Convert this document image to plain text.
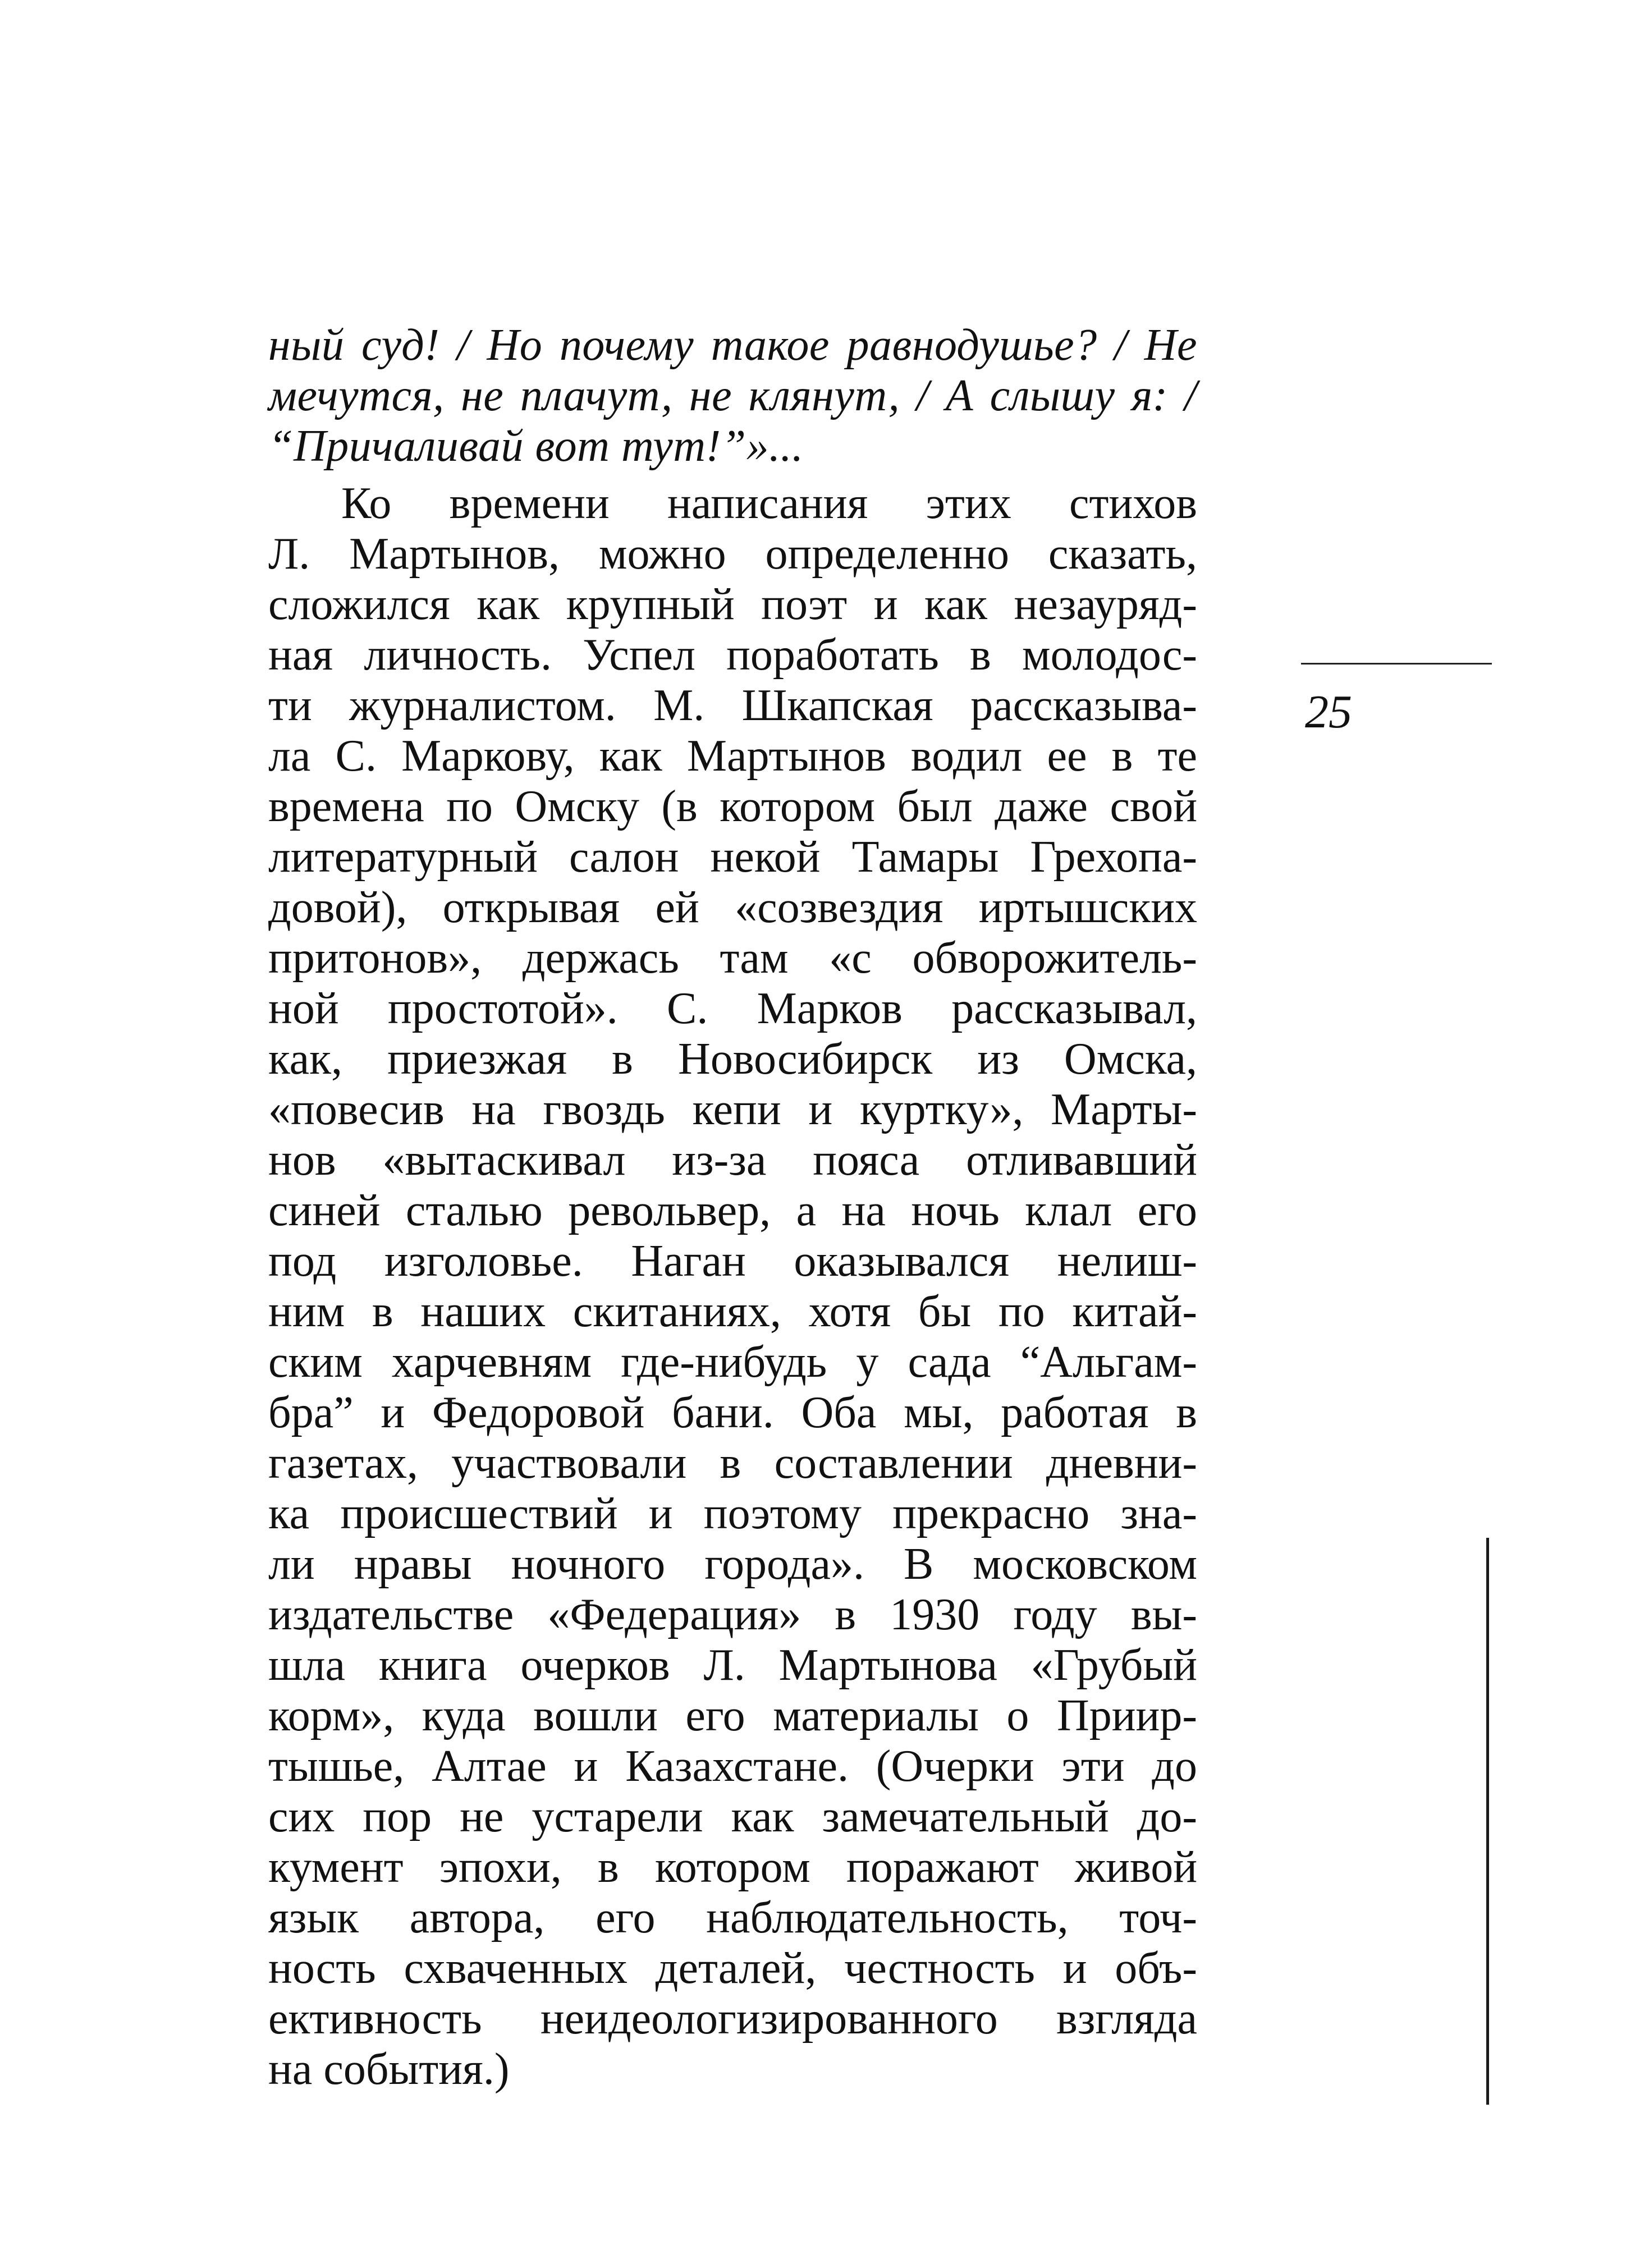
ный суд! / Но почему такое равнодушье? / Не
мечутся, не плачут, не клянут, / А слышу я: /
“Причаливай вот тут!”»...
Ко времени написания этих стихов
Л. Мартынов, можно определенно сказать,
сложился как крупный поэт и как незауряд-
ная личность. Успел поработать в молодос-
ти журналистом. М. Шкапская рассказыва-
ла С. Маркову, как Мартынов водил ее в те
времена по Омску (в котором был даже свой
литературный салон некой Тамары Грехопа-
довой), открывая ей «созвездия иртышских
притонов», держась там «с обворожитель-
ной простотой». С. Марков рассказывал,
как, приезжая в Новосибирск из Омска,
«повесив на гвоздь кепи и куртку», Марты-
нов «вытаскивал из-за пояса отливавший
синей сталью револьвер, а на ночь клал его
под изголовье. Наган оказывался нелиш-
ним в наших скитаниях, хотя бы по китай-
ским харчевням где-нибудь у сада “Альгам-
бра” и Федоровой бани. Оба мы, работая в
газетах, участвовали в составлении дневни-
ка происшествий и поэтому прекрасно зна-
ли нравы ночного города». В московском
издательстве «Федерация» в 1930 году вы-
шла книга очерков Л. Мартынова «Грубый
корм», куда вошли его материалы о Прииp-
тышье, Алтае и Казахстане. (Очерки эти до
сих пор не устарели как замечательный до-
кумент эпохи, в котором поражают живой
язык автора, его наблюдательность, точ-
ность схваченных деталей, честность и объ-
ективность неидеологизированного взгляда
на события.)
25
